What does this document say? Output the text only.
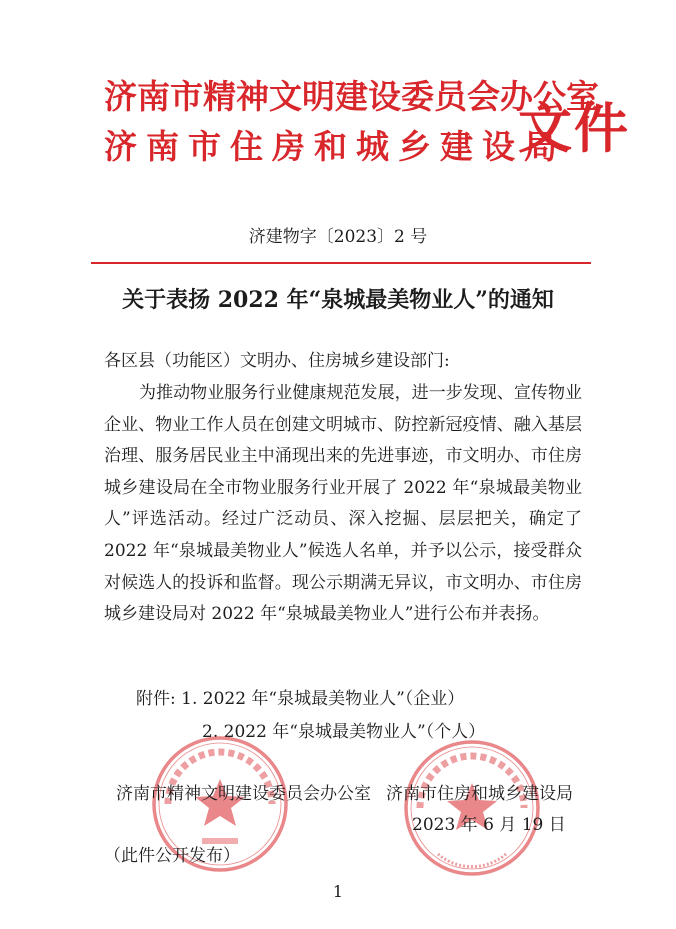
济南市精神文明建设委员会办公室
济南市住房和城乡建设局
文件
济建物字〔2023〕2 号
关于表扬 2022 年“泉城最美物业人”的通知
各区县（功能区）文明办、住房城乡建设部门:
为推动物业服务行业健康规范发展，进一步发现、宣传物业企业、物业工作人员在创建文明城市、防控新冠疫情、融入基层治理、服务居民业主中涌现出来的先进事迹，市文明办、市住房城乡建设局在全市物业服务行业开展了 2022 年“泉城最美物业人”评选活动。经过广泛动员、深入挖掘、层层把关，确定了 2022 年“泉城最美物业人”候选人名单，并予以公示，接受群众对候选人的投诉和监督。现公示期满无异议，市文明办、市住房城乡建设局对 2022 年“泉城最美物业人”进行公布并表扬。
附件: 1. 2022 年“泉城最美物业人”（企业）
2. 2022 年“泉城最美物业人”（个人）
济南市精神文明建设委员会办公室 济南市住房和城乡建设局
2023 年 6 月 19 日
（此件公开发布）
1
